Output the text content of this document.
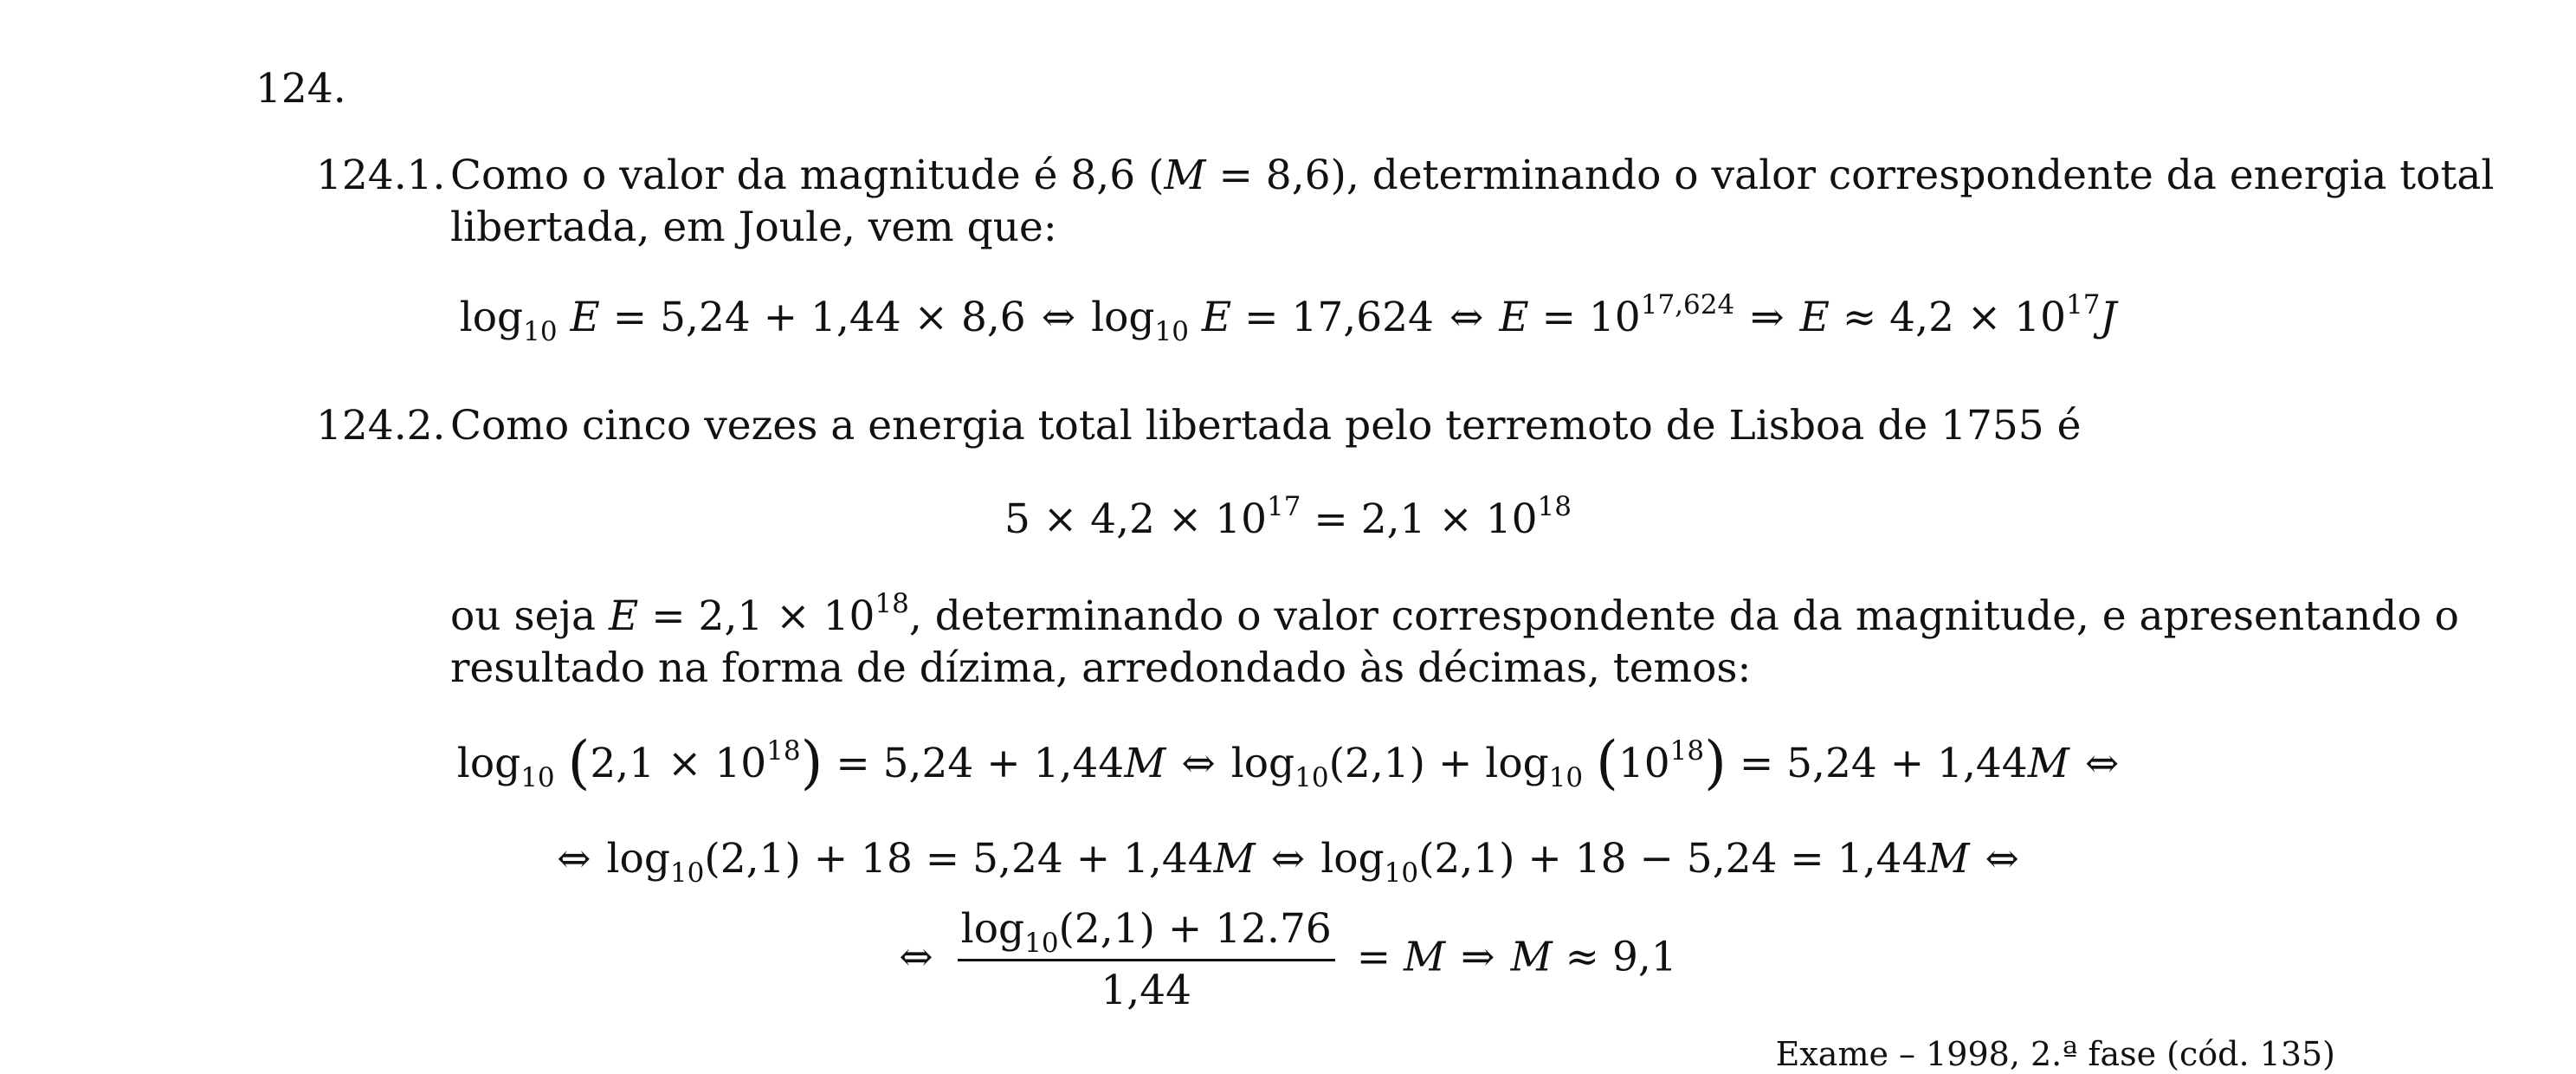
124.
124.1. Como o valor da magnitude é 8,6 (M = 8,6), determinando o valor correspondente da energia total
libertada, em Joule, vem que:
$\log_{10} E = 5,24 + 1,44 \times 8,6$ ⇔ $\log_{10} E = 17,624$ ⇔ $E = 10^{17,624}$ ⇒ $E \approx 4,2 \times 10^{17}J$
124.2. Como cinco vezes a energia total libertada pelo terremoto de Lisboa de 1755 é
$5 \times 4,2 \times 10^{17} = 2,1 \times 10^{18}$
ou seja $E = 2,1 \times 10^{18}$, determinando o valor correspondente da da magnitude, e apresentando o
resultado na forma de dízima, arredondado às décimas, temos:
$\log_{10} (2,1 \times 10^{18}) = 5,24 + 1,44M$ ⇔ $\log_{10}(2,1) + \log_{10} (10^{18}) = 5,24 + 1,44M$ ⇔
⇔ $\log_{10}(2,1) + 18 = 5,24 + 1,44M$ ⇔ $\log_{10}(2,1) + 18 - 5,24 = 1,44M$ ⇔
⇔ $\frac{\log_{10}(2,1) + 12.76}{1,44} = M$ ⇒ M ≈ 9,1
Exame – 1998, 2.ª fase (cód. 135)
